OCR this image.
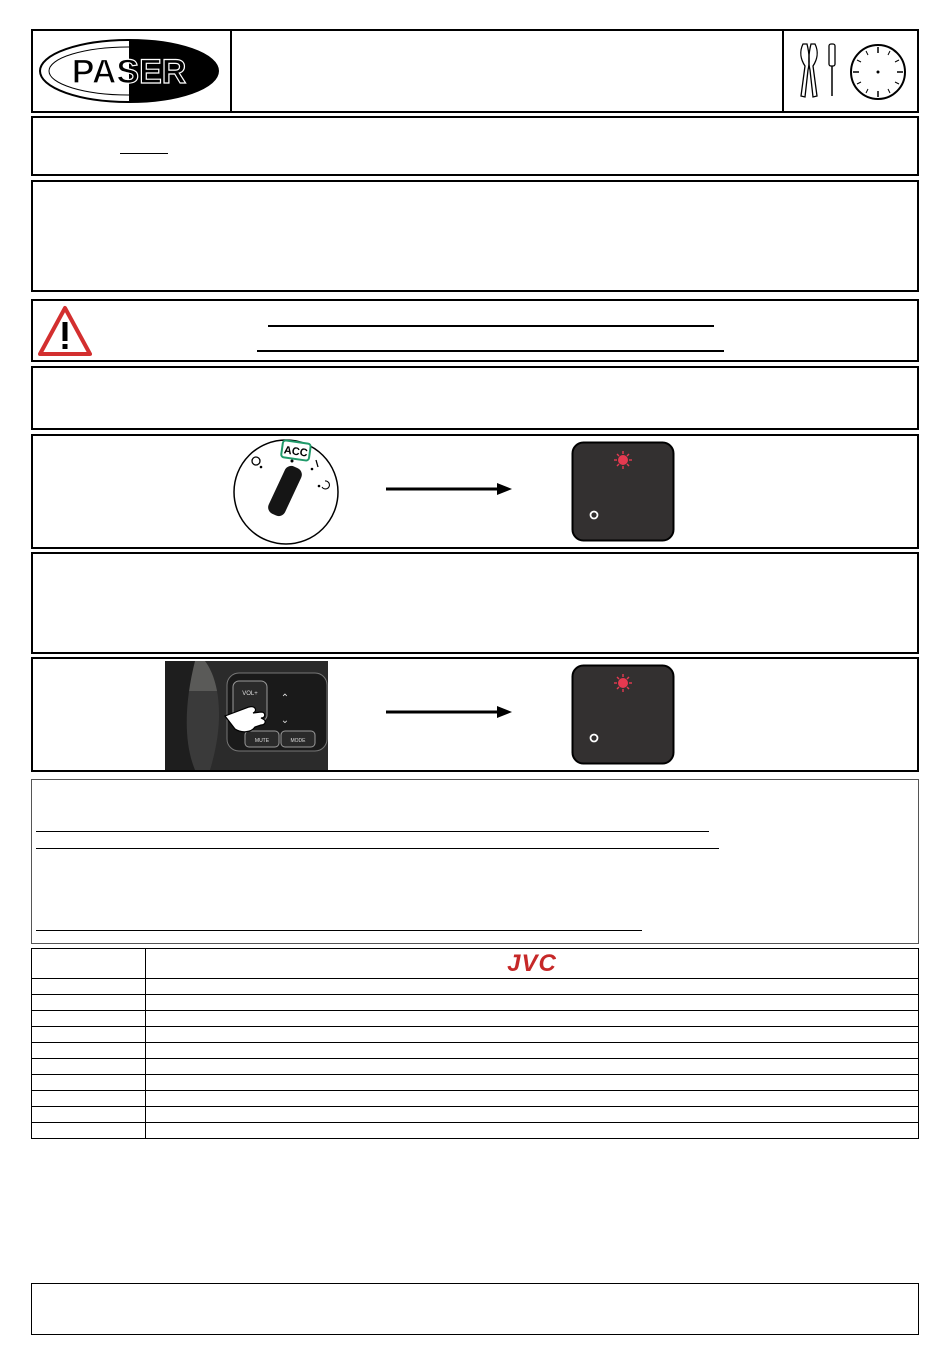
PASER
ACC
VOL+ ⌃
⌄
MUTE	MODE

	JVC
